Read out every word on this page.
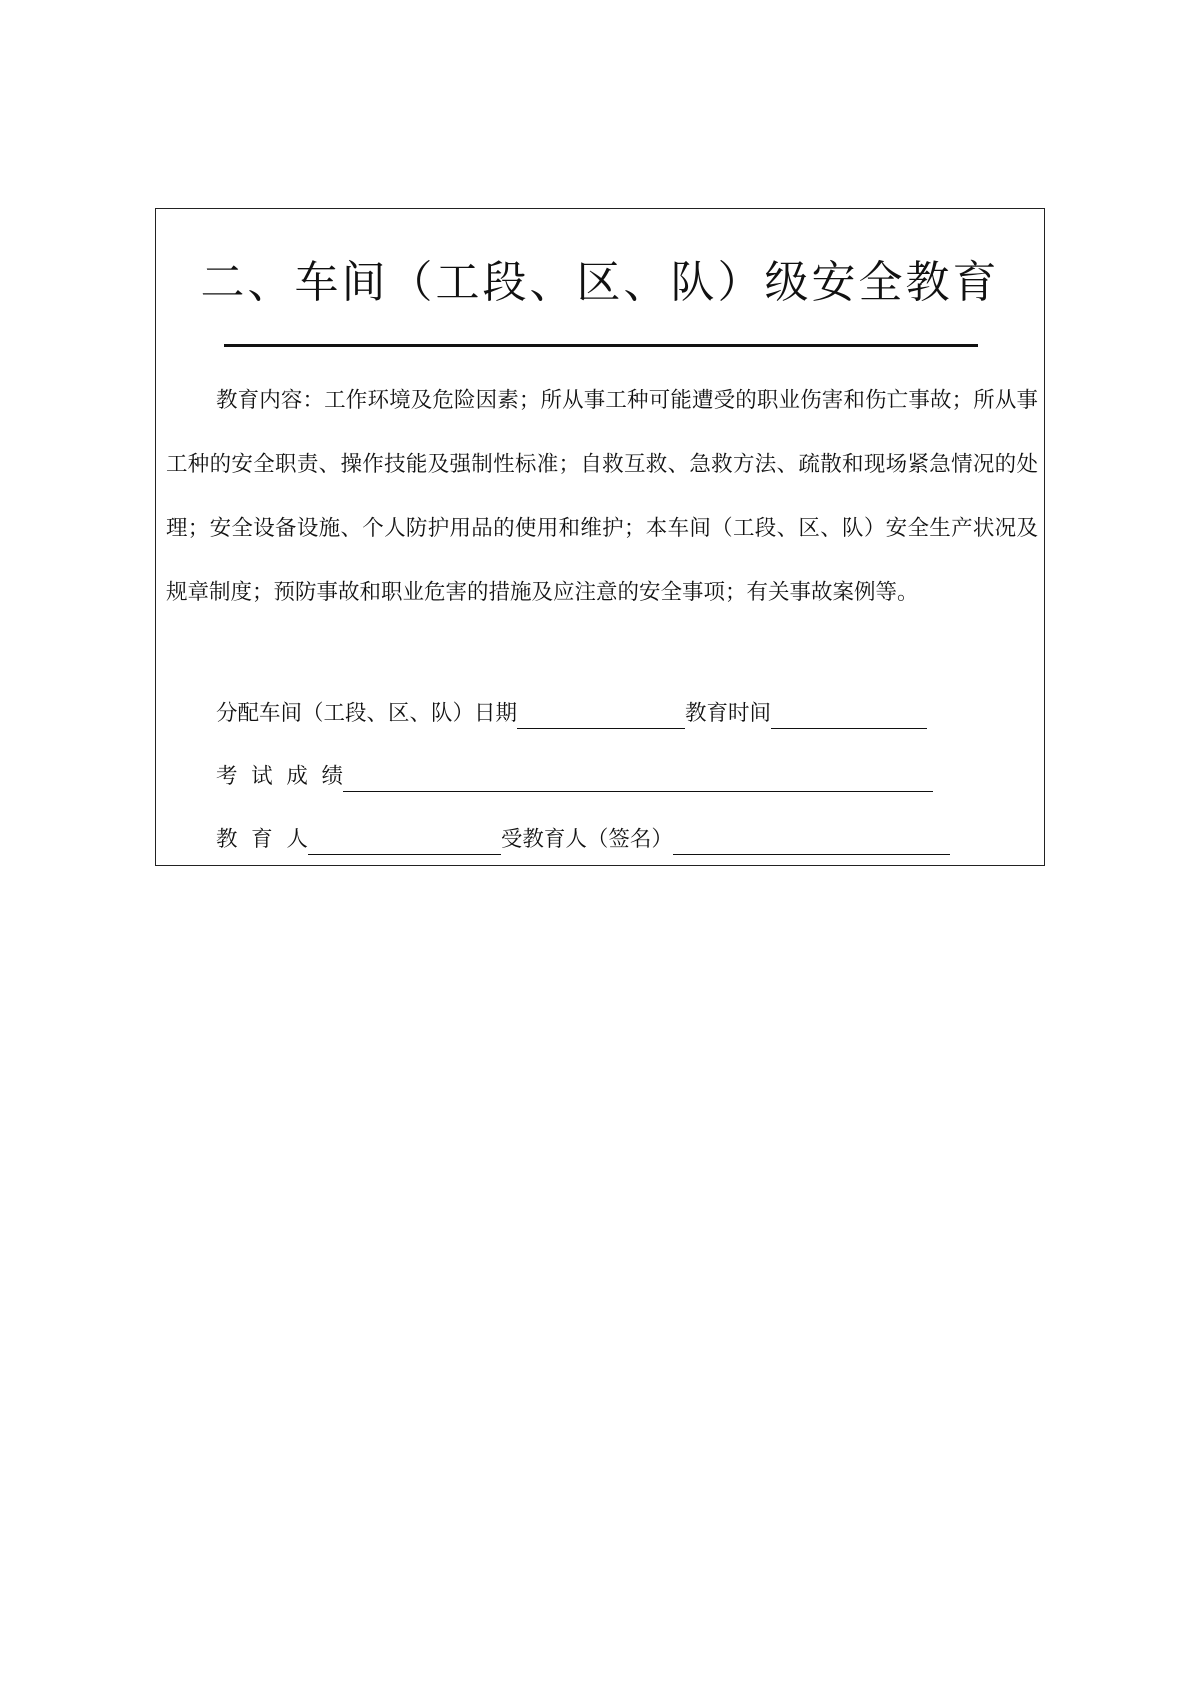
二、车间（工段、区、队）级安全教育

教育内容：工作环境及危险因素；所从事工种可能遭受的职业伤害和伤亡事故；所从事工种的安全职责、操作技能及强制性标准；自救互救、急救方法、疏散和现场紧急情况的处理；安全设备设施、个人防护用品的使用和维护；本车间（工段、区、队）安全生产状况及规章制度；预防事故和职业危害的措施及应注意的安全事项；有关事故案例等。

分配车间（工段、区、队）日期	教育时间
考  试  成  绩
教  育  人	受教育人（签名）
